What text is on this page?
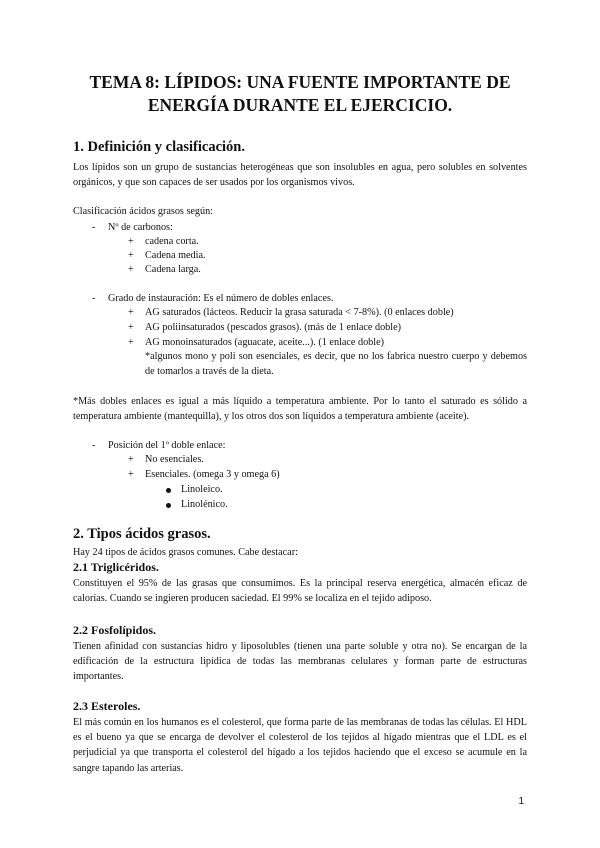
TEMA 8: LÍPIDOS: UNA FUENTE IMPORTANTE DE
ENERGÍA DURANTE EL EJERCICIO.
1. Definición y clasificación.

Los lípidos son un grupo de sustancias heterogéneas que son insolubles en agua, pero solubles en solventes orgánicos, y que son capaces de ser usados por los organismos vivos.

Clasificación ácidos grasos según:
- Nº de carbonos:
+ cadena corta.
+ Cadena media.
+ Cadena larga.
- Grado de instauración: Es el número de dobles enlaces.
+ AG saturados (lácteos. Reducir la grasa saturada < 7-8%). (0 enlaces doble)
+ AG poliinsaturados (pescados grasos). (más de 1 enlace doble)
+ AG monoinsaturados (aguacate, aceite...). (1 enlace doble)

*algunos mono y poli son esenciales, es decir, que no los fabrica nuestro cuerpo y debemos de tomarlos a través de la dieta.

*Más dobles enlaces es igual a más líquido a temperatura ambiente. Por lo tanto el saturado es sólido a temperatura ambiente (mantequilla), y los otros dos son líquidos a temperatura ambiente (aceite).

- Posición del 1º doble enlace:
+ No esenciales.
+ Esenciales. (omega 3 y omega 6)
Linoleico.
Linolénico.
2. Tipos ácidos grasos.
Hay 24 tipos de ácidos grasos comunes. Cabe destacar:
2.1 Triglicéridos.

Constituyen el 95% de las grasas que consumimos. Es la principal reserva energética, almacén eficaz de calorías. Cuando se ingieren producen saciedad. El 99% se localiza en el tejido adiposo.

2.2 Fosfolípidos.

Tienen afinidad con sustancias hidro y liposolubles (tienen una parte soluble y otra no). Se encargan de la edificación de la estructura lipídica de todas las membranas celulares y forman parte de estructuras importantes.

2.3 Esteroles.

El más común en los humanos es el colesterol, que forma parte de las membranas de todas las células. El HDL es el bueno ya que se encarga de devolver el colesterol de los tejidos al hígado mientras que el LDL es el perjudicial ya que transporta el colesterol del hígado a los tejidos haciendo que el exceso se acumule en la sangre tapando las arterias.

1
